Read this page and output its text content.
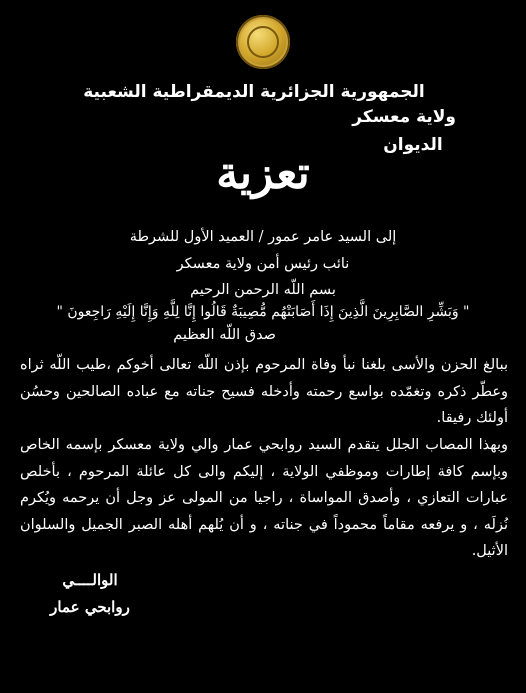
الجمهورية الجزائرية الديمقراطية الشعبية
ولاية معسكر
الديوان
تعزية
إلى السيد عامر عمور / العميد الأول للشرطة
نائب رئيس أمن ولاية معسكر
بسم اللّه الرحمن الرحيم
" وَبَشِّرِ الصَّابِرِينَ الَّذِينَ إِذَا أَصَابَتْهُم مُّصِيبَةٌ قَالُوا إِنَّا لِلَّهِ وَإِنَّا إِلَيْهِ رَاجِعونَ "
صدق اللّه العظيم
ببالغ الحزن والأسى بلغنا نبأ وفاة المرحوم بإذن اللّه تعالى أخوكم ،طيب اللّه ثراه وعطّر ذكره وتغمّده بواسع رحمته وأدخله فسيح جناته مع عباده الصالحين وحسُن أولئك رفيقا.
وبهذا المصاب الجلل يتقدم السيد روابحي عمار والي ولاية معسكر بإسمه الخاص وبإسم كافة إطارات وموظفي الولاية ، إليكم والى كل عائلة المرحوم ، بأخلص عبارات التعازي ، وأصدق المواساة ، راجيا من المولى عز وجل أن يرحمه ويُكرم نُزلَه ، و يرفعه مقاماً محموداً في جناته ، و أن يُلهم أهله الصبر الجميل والسلوان الأثيل.
الوالــــي
روابحي عمار
